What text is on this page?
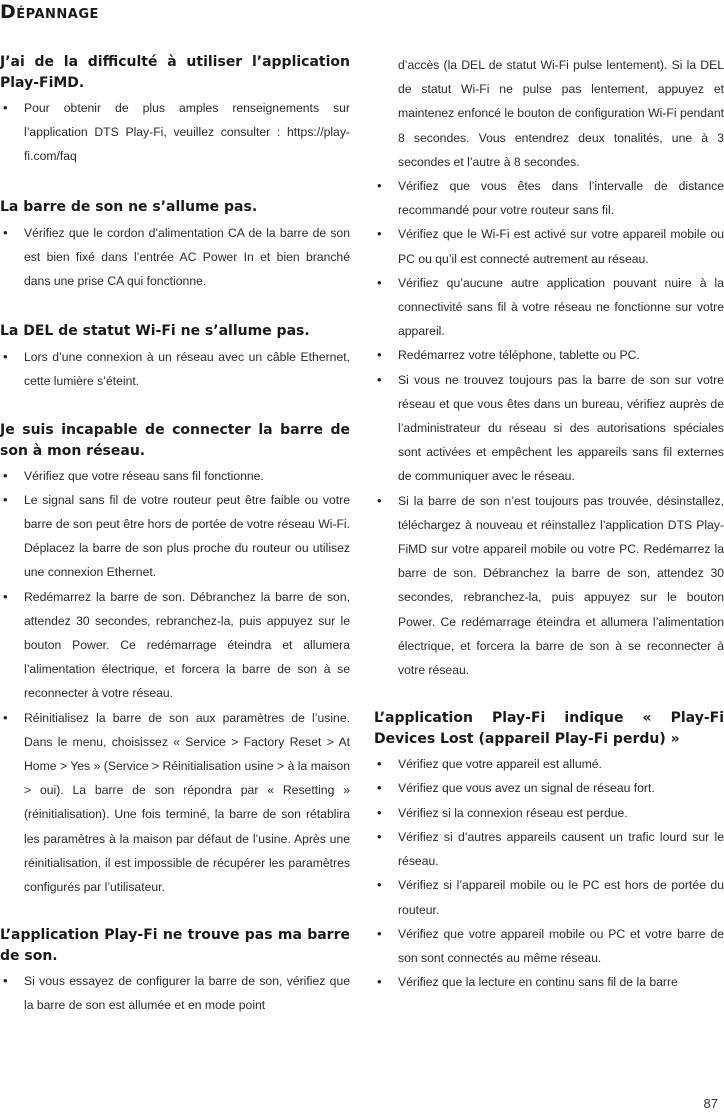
Dépannage
J’ai de la difficulté à utiliser l’application Play-FiMD.
• Pour obtenir de plus amples renseignements sur l’application DTS Play-Fi, veuillez consulter : https://play-fi.com/faq
La barre de son ne s’allume pas.
• Vérifiez que le cordon d’alimentation CA de la barre de son est bien fixé dans l’entrée AC Power In et bien branché dans une prise CA qui fonctionne.
La DEL de statut Wi-Fi ne s’allume pas.
• Lors d’une connexion à un réseau avec un câble Ethernet, cette lumière s’éteint.
Je suis incapable de connecter la barre de son à mon réseau.
• Vérifiez que votre réseau sans fil fonctionne.
• Le signal sans fil de votre routeur peut être faible ou votre barre de son peut être hors de portée de votre réseau Wi-Fi. Déplacez la barre de son plus proche du routeur ou utilisez une connexion Ethernet.
• Redémarrez la barre de son. Débranchez la barre de son, attendez 30 secondes, rebranchez-la, puis appuyez sur le bouton Power. Ce redémarrage éteindra et allumera l’alimentation électrique, et forcera la barre de son à se reconnecter à votre réseau.
• Réinitialisez la barre de son aux paramètres de l’usine. Dans le menu, choisissez « Service > Factory Reset > At Home > Yes » (Service > Réinitialisation usine > à la maison > oui). La barre de son répondra par « Resetting » (réinitialisation). Une fois terminé, la barre de son rétablira les paramètres à la maison par défaut de l’usine. Après une réinitialisation, il est impossible de récupérer les paramètres configurés par l’utilisateur.
L’application Play-Fi ne trouve pas ma barre de son.
• Si vous essayez de configurer la barre de son, vérifiez que la barre de son est allumée et en mode point
d’accès (la DEL de statut Wi-Fi pulse lentement). Si la DEL de statut Wi-Fi ne pulse pas lentement, appuyez et maintenez enfoncé le bouton de configuration Wi-Fi pendant 8 secondes. Vous entendrez deux tonalités, une à 3 secondes et l’autre à 8 secondes.
• Vérifiez que vous êtes dans l’intervalle de distance recommandé pour votre routeur sans fil.
• Vérifiez que le Wi-Fi est activé sur votre appareil mobile ou PC ou qu’il est connecté autrement au réseau.
• Vérifiez qu’aucune autre application pouvant nuire à la connectivité sans fil à votre réseau ne fonctionne sur votre appareil.
• Redémarrez votre téléphone, tablette ou PC.
• Si vous ne trouvez toujours pas la barre de son sur votre réseau et que vous êtes dans un bureau, vérifiez auprès de l’administrateur du réseau si des autorisations spéciales sont activées et empêchent les appareils sans fil externes de communiquer avec le réseau.
• Si la barre de son n’est toujours pas trouvée, désinstallez, téléchargez à nouveau et réinstallez l’application DTS Play-FiMD sur votre appareil mobile ou votre PC. Redémarrez la barre de son. Débranchez la barre de son, attendez 30 secondes, rebranchez-la, puis appuyez sur le bouton Power. Ce redémarrage éteindra et allumera l’alimentation électrique, et forcera la barre de son à se reconnecter à votre réseau.
L’application Play-Fi indique « Play-Fi Devices Lost (appareil Play-Fi perdu) »
• Vérifiez que votre appareil est allumé.
• Vérifiez que vous avez un signal de réseau fort.
• Vérifiez si la connexion réseau est perdue.
• Vérifiez si d’autres appareils causent un trafic lourd sur le réseau.
• Vérifiez si l’appareil mobile ou le PC est hors de portée du routeur.
• Vérifiez que votre appareil mobile ou PC et votre barre de son sont connectés au même réseau.
• Vérifiez que la lecture en continu sans fil de la barre
87
